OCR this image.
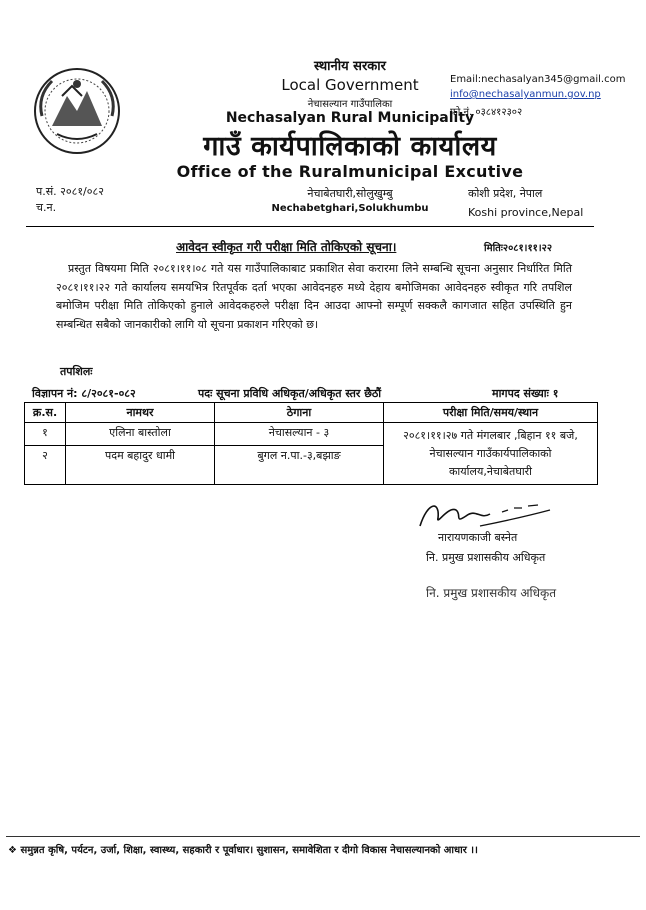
स्थानीय सरकार
Local Government
नेचासल्यान गाउँपालिका
Nechasalyan Rural Municipality
गाउँ कार्यपालिकाको कार्यालय
Office of the Ruralmunicipal Excutive
नेचाबेतघारी,सोलुखुम्बु
Nechabetghari,Solukhumbu
Email:nechasalyan345@gmail.com
info@nechasalyanmun.gov.np
फो.नं. ०३८४१२३०२
कोशी प्रदेश, नेपाल
Koshi province,Nepal
प.सं. २०८१/०८२
च.न.
आवेदन स्वीकृत गरी परीक्षा मिति तोकिएको सूचना।	मितिः२०८१।११।२२
प्रस्तुत विषयमा मिति २०८१।११।०८ गते यस गाउँपालिकाबाट प्रकाशित सेवा करारमा लिने सम्बन्धि सूचना अनुसार निर्धारित मिति २०८१।११।२२ गते कार्यालय समयभित्र रितपूर्वक दर्ता भएका आवेदनहरु मध्ये देहाय बमोजिमका आवेदनहरु स्वीकृत गरि तपशिल बमोजिम परीक्षा मिति तोकिएको हुनाले आवेदकहरुले परीक्षा दिन आउदा आफ्नो सम्पूर्ण सक्कलै कागजात सहित उपस्थिति हुन सम्बन्धित सबैको जानकारीको लागि यो सूचना प्रकाशन गरिएको छ।
तपशिलः
विज्ञापन नं: ८/२०८१-०८२	पदः सूचना प्रविधि अधिकृत/अधिकृत स्तर छैठौं	मागपद संख्याः १
क्र.स.	नामथर	ठेगाना	परीक्षा मिति/समय/स्थान
१	एलिना बास्तोला	नेचासल्यान - ३	२०८१।११।२७ गते मंगलबार ,बिहान ११ बजे, नेचासल्यान गाउँकार्यपालिकाको कार्यालय,नेचाबेतघारी
२	पदम बहादुर धामी	बुगल न.पा.-३,बझाङ	
नारायणकाजी बस्नेत
नि. प्रमुख प्रशासकीय अधिकृत
नि. प्रमुख प्रशासकीय अधिकृत
❖ समुन्नत कृषि, पर्यटन, उर्जा, शिक्षा, स्वास्थ्य, सहकारी र पूर्वाधार। सुशासन, समावेशिता र दीगो विकास नेचासल्यानको आधार ।।
